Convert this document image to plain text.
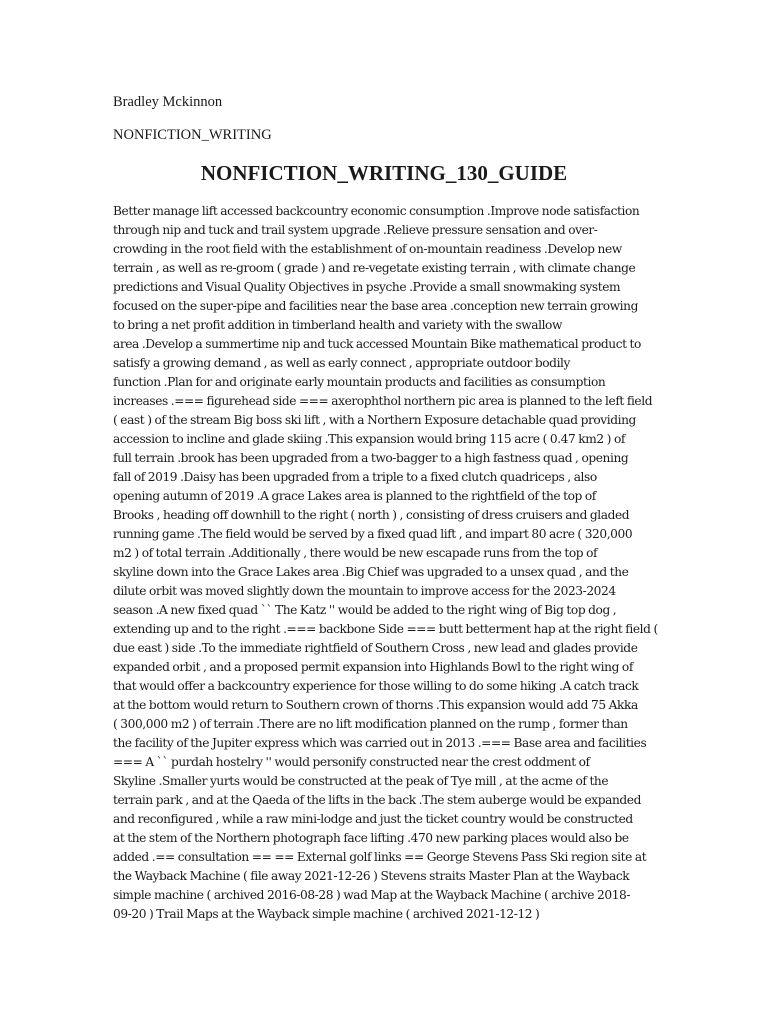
Bradley Mckinnon
NONFICTION_WRITING
NONFICTION_WRITING_130_GUIDE
Better manage lift accessed backcountry economic consumption .Improve node satisfaction
through nip and tuck and trail system upgrade .Relieve pressure sensation and over-
crowding in the root field with the establishment of on-mountain readiness .Develop new
terrain , as well as re-groom ( grade ) and re-vegetate existing terrain , with climate change
predictions and Visual Quality Objectives in psyche .Provide a small snowmaking system
focused on the super-pipe and facilities near the base area .conception new terrain growing
to bring a net profit addition in timberland health and variety with the swallow
area .Develop a summertime nip and tuck accessed Mountain Bike mathematical product to
satisfy a growing demand , as well as early connect , appropriate outdoor bodily
function .Plan for and originate early mountain products and facilities as consumption
increases .=== figurehead side === axerophthol northern pic area is planned to the left field
( east ) of the stream Big boss ski lift , with a Northern Exposure detachable quad providing
accession to incline and glade skiing .This expansion would bring 115 acre ( 0.47 km2 ) of
full terrain .brook has been upgraded from a two-bagger to a high fastness quad , opening
fall of 2019 .Daisy has been upgraded from a triple to a fixed clutch quadriceps , also
opening autumn of 2019 .A grace Lakes area is planned to the rightfield of the top of
Brooks , heading off downhill to the right ( north ) , consisting of dress cruisers and gladed
running game .The field would be served by a fixed quad lift , and impart 80 acre ( 320,000
m2 ) of total terrain .Additionally , there would be new escapade runs from the top of
skyline down into the Grace Lakes area .Big Chief was upgraded to a unsex quad , and the
dilute orbit was moved slightly down the mountain to improve access for the 2023-2024
season .A new fixed quad `` The Katz '' would be added to the right wing of Big top dog ,
extending up and to the right .=== backbone Side === butt betterment hap at the right field (
due east ) side .To the immediate rightfield of Southern Cross , new lead and glades provide
expanded orbit , and a proposed permit expansion into Highlands Bowl to the right wing of
that would offer a backcountry experience for those willing to do some hiking .A catch track
at the bottom would return to Southern crown of thorns .This expansion would add 75 Akka
( 300,000 m2 ) of terrain .There are no lift modification planned on the rump , former than
the facility of the Jupiter express which was carried out in 2013 .=== Base area and facilities
=== A `` purdah hostelry '' would personify constructed near the crest oddment of
Skyline .Smaller yurts would be constructed at the peak of Tye mill , at the acme of the
terrain park , and at the Qaeda of the lifts in the back .The stem auberge would be expanded
and reconfigured , while a raw mini-lodge and just the ticket country would be constructed
at the stem of the Northern photograph face lifting .470 new parking places would also be
added .== consultation == == External golf links == George Stevens Pass Ski region site at
the Wayback Machine ( file away 2021-12-26 ) Stevens straits Master Plan at the Wayback
simple machine ( archived 2016-08-28 ) wad Map at the Wayback Machine ( archive 2018-
09-20 ) Trail Maps at the Wayback simple machine ( archived 2021-12-12 )
